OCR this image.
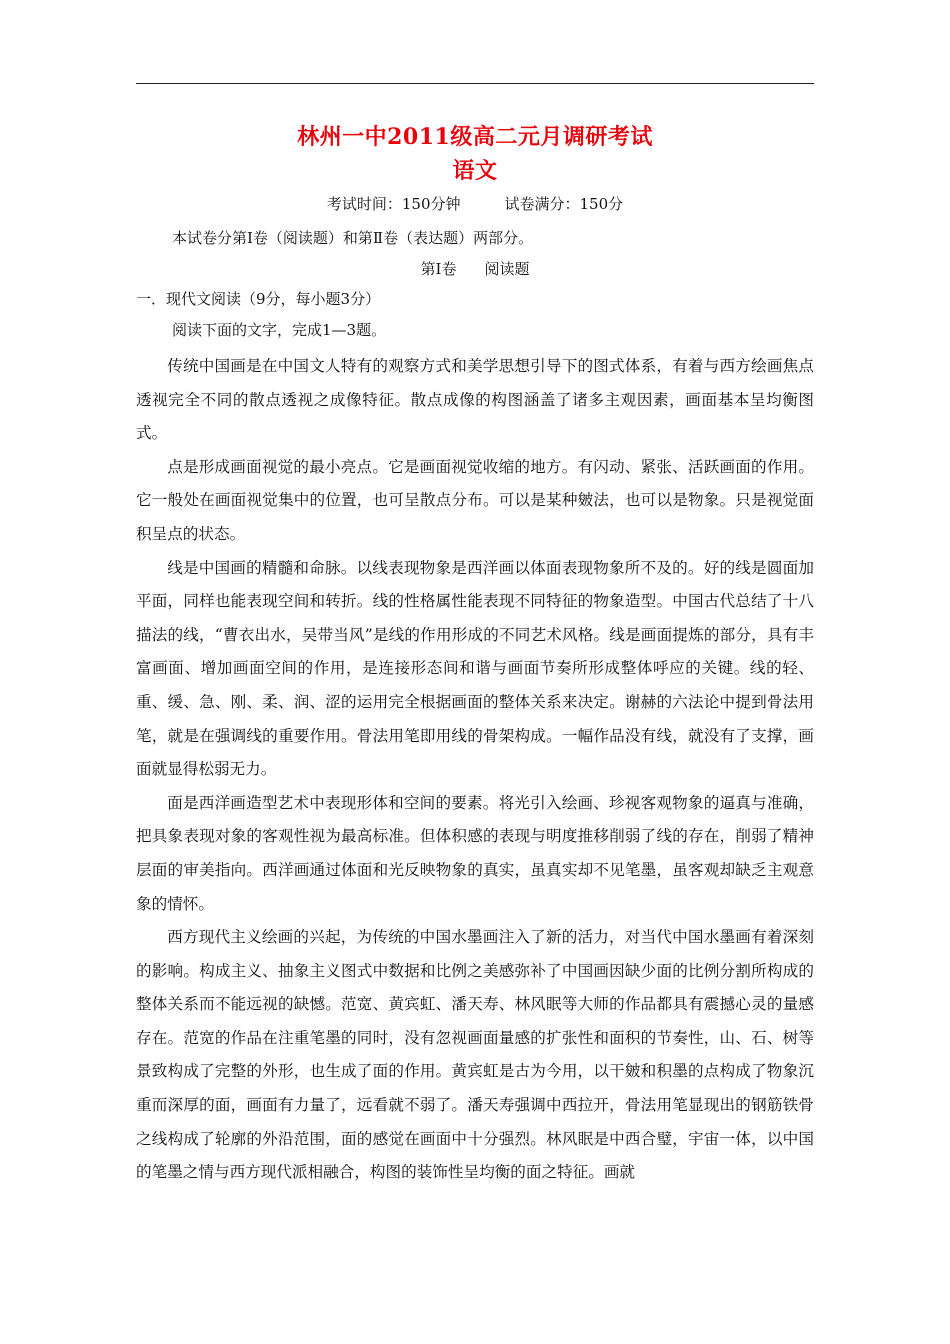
林州一中2011级高二元月调研考试
语文
考试时间：150分钟	试卷满分：150分
本试卷分第Ⅰ卷（阅读题）和第Ⅱ卷（表达题）两部分。
第Ⅰ卷 阅读题
一．现代文阅读（9分，每小题3分）
阅读下面的文字，完成1—3题。

传统中国画是在中国文人特有的观察方式和美学思想引导下的图式体系，有着与西方绘画焦点透视完全不同的散点透视之成像特征。散点成像的构图涵盖了诸多主观因素，画面基本呈均衡图式。

点是形成画面视觉的最小亮点。它是画面视觉收缩的地方。有闪动、紧张、活跃画面的作用。它一般处在画面视觉集中的位置，也可呈散点分布。可以是某种皴法，也可以是物象。只是视觉面积呈点的状态。

线是中国画的精髓和命脉。以线表现物象是西洋画以体面表现物象所不及的。好的线是圆面加平面，同样也能表现空间和转折。线的性格属性能表现不同特征的物象造型。中国古代总结了十八描法的线，“曹衣出水，吴带当风”是线的作用形成的不同艺术风格。线是画面提炼的部分，具有丰富画面、增加画面空间的作用，是连接形态间和谐与画面节奏所形成整体呼应的关键。线的轻、重、缓、急、刚、柔、润、涩的运用完全根据画面的整体关系来决定。谢赫的六法论中提到骨法用笔，就是在强调线的重要作用。骨法用笔即用线的骨架构成。一幅作品没有线，就没有了支撑，画面就显得松弱无力。

面是西洋画造型艺术中表现形体和空间的要素。将光引入绘画、珍视客观物象的逼真与准确，把具象表现对象的客观性视为最高标准。但体积感的表现与明度推移削弱了线的存在，削弱了精神层面的审美指向。西洋画通过体面和光反映物象的真实，虽真实却不见笔墨，虽客观却缺乏主观意象的情怀。

西方现代主义绘画的兴起，为传统的中国水墨画注入了新的活力，对当代中国水墨画有着深刻的影响。构成主义、抽象主义图式中数据和比例之美感弥补了中国画因缺少面的比例分割所构成的整体关系而不能远视的缺憾。范宽、黄宾虹、潘天寿、林风眠等大师的作品都具有震撼心灵的量感存在。范宽的作品在注重笔墨的同时，没有忽视画面量感的扩张性和面积的节奏性，山、石、树等景致构成了完整的外形，也生成了面的作用。黄宾虹是古为今用，以干皴和积墨的点构成了物象沉重而深厚的面，画面有力量了，远看就不弱了。潘天寿强调中西拉开，骨法用笔显现出的钢筋铁骨之线构成了轮廓的外沿范围，面的感觉在画面中十分强烈。林风眠是中西合璧，宇宙一体，以中国的笔墨之情与西方现代派相融合，构图的装饰性呈均衡的面之特征。画就
